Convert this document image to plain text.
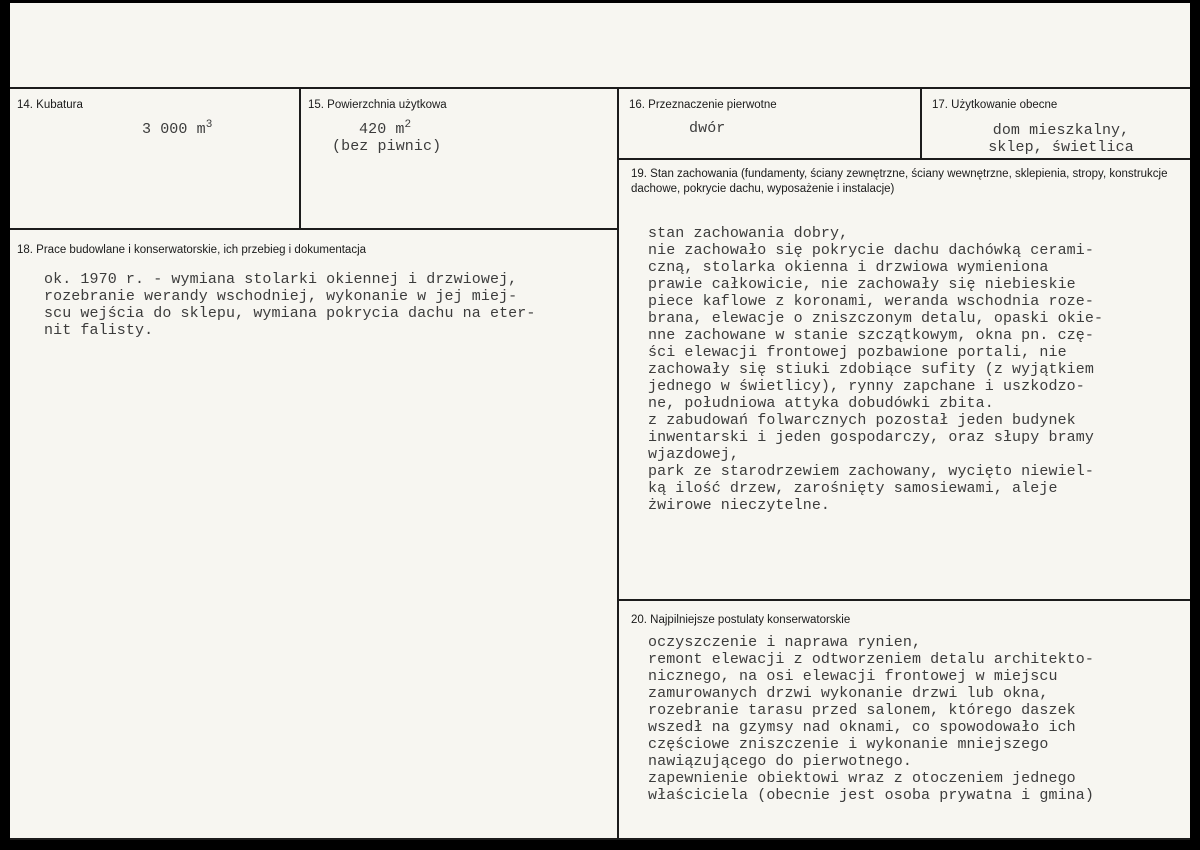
14. Kubatura
3 000 $m^3$
15. Powierzchnia użytkowa
420 $m^2$
(bez piwnic)
16. Przeznaczenie pierwotne
dwór
17. Użytkowanie obecne
dom mieszkalny,
sklep, świetlica
18. Prace budowlane i konserwatorskie, ich przebieg i dokumentacja
ok. 1970 r. - wymiana stolarki okiennej i drzwiowej,
rozebranie werandy wschodniej, wykonanie w jej miej-
scu wejścia do sklepu, wymiana pokrycia dachu na eter-
nit falisty.
19. Stan zachowania (fundamenty, ściany zewnętrzne, ściany wewnętrzne, sklepienia, stropy, konstrukcje dachowe, pokrycie dachu, wyposażenie i instalacje)
stan zachowania dobry,
nie zachowało się pokrycie dachu dachówką cerami-
czną, stolarka okienna i drzwiowa wymieniona
prawie całkowicie, nie zachowały się niebieskie
piece kaflowe z koronami, weranda wschodnia roze-
brana, elewacje o zniszczonym detalu, opaski okie-
nne zachowane w stanie szczątkowym, okna pn. czę-
ści elewacji frontowej pozbawione portali, nie
zachowały się stiuki zdobiące sufity (z wyjątkiem
jednego w świetlicy), rynny zapchane i uszkodzo-
ne, południowa attyka dobudówki zbita.
z zabudowań folwarcznych pozostał jeden budynek
inwentarski i jeden gospodarczy, oraz słupy bramy
wjazdowej,
park ze starodrzewiem zachowany, wycięto niewiel-
ką ilość drzew, zarośnięty samosiewami, aleje
żwirowe nieczytelne.
20. Najpilniejsze postulaty konserwatorskie
oczyszczenie i naprawa rynien,
remont elewacji z odtworzeniem detalu architekto-
nicznego, na osi elewacji frontowej w miejscu
zamurowanych drzwi wykonanie drzwi lub okna,
rozebranie tarasu przed salonem, którego daszek
wszedł na gzymsy nad oknami, co spowodowało ich
częściowe zniszczenie i wykonanie mniejszego
nawiązującego do pierwotnego.
zapewnienie obiektowi wraz z otoczeniem jednego
właściciela (obecnie jest osoba prywatna i gmina)
